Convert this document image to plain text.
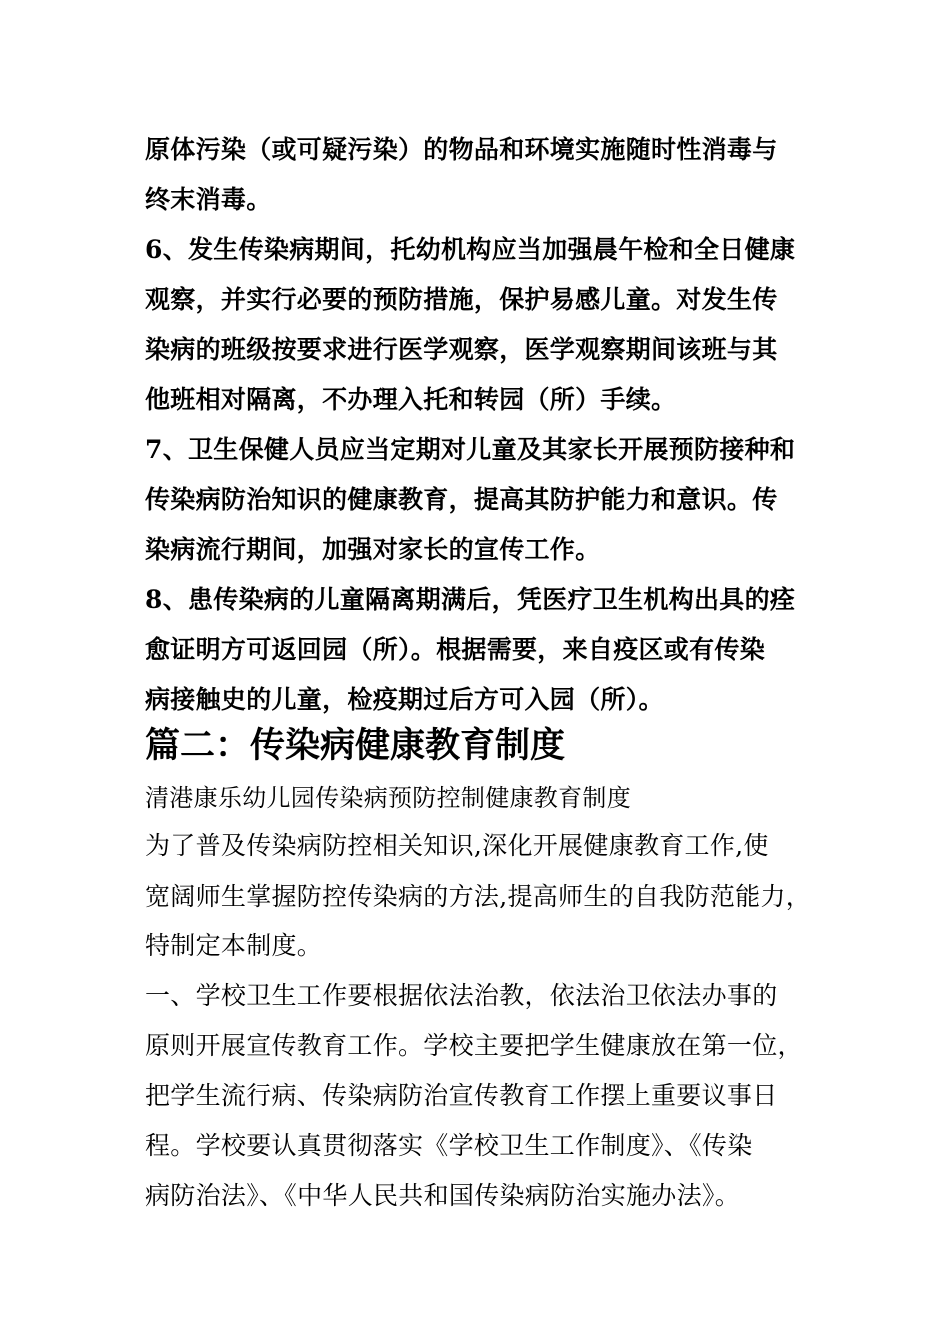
原体污染（或可疑污染）的物品和环境实施随时性消毒与
终末消毒。
6、发生传染病期间，托幼机构应当加强晨午检和全日健康
观察，并实行必要的预防措施，保护易感儿童。对发生传
染病的班级按要求进行医学观察，医学观察期间该班与其
他班相对隔离，不办理入托和转园（所）手续。
7、卫生保健人员应当定期对儿童及其家长开展预防接种和
传染病防治知识的健康教育，提高其防护能力和意识。传
染病流行期间，加强对家长的宣传工作。
8、患传染病的儿童隔离期满后，凭医疗卫生机构出具的痊
愈证明方可返回园（所）。根据需要，来自疫区或有传染
病接触史的儿童，检疫期过后方可入园（所）。
篇二：传染病健康教育制度
清港康乐幼儿园传染病预防控制健康教育制度
为了普及传染病防控相关知识,深化开展健康教育工作,使
宽阔师生掌握防控传染病的方法,提高师生的自我防范能力，
特制定本制度。
一、学校卫生工作要根据依法治教，依法治卫依法办事的
原则开展宣传教育工作。学校主要把学生健康放在第一位，
把学生流行病、传染病防治宣传教育工作摆上重要议事日
程。学校要认真贯彻落实《学校卫生工作制度》、《传染
病防治法》、《中华人民共和国传染病防治实施办法》。
